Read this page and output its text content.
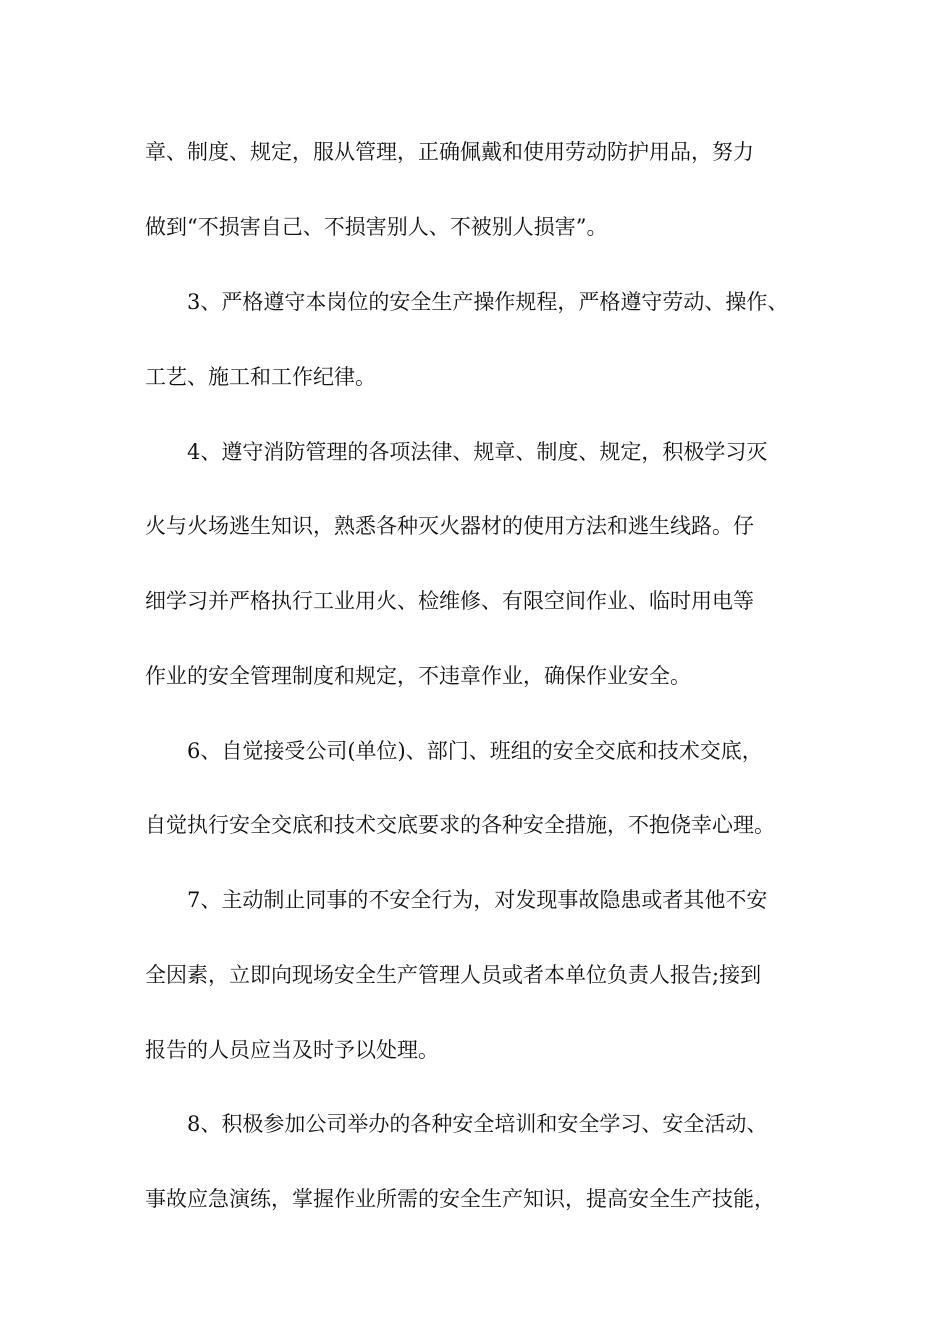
章、制度、规定，服从管理，正确佩戴和使用劳动防护用品，努力
做到“不损害自己、不损害别人、不被别人损害”。
3、严格遵守本岗位的安全生产操作规程，严格遵守劳动、操作、
工艺、施工和工作纪律。
4、遵守消防管理的各项法律、规章、制度、规定，积极学习灭
火与火场逃生知识，熟悉各种灭火器材的使用方法和逃生线路。仔
细学习并严格执行工业用火、检维修、有限空间作业、临时用电等
作业的安全管理制度和规定，不违章作业，确保作业安全。
6、自觉接受公司(单位)、部门、班组的安全交底和技术交底，
自觉执行安全交底和技术交底要求的各种安全措施，不抱侥幸心理。
7、主动制止同事的不安全行为，对发现事故隐患或者其他不安
全因素，立即向现场安全生产管理人员或者本单位负责人报告;接到
报告的人员应当及时予以处理。
8、积极参加公司举办的各种安全培训和安全学习、安全活动、
事故应急演练，掌握作业所需的安全生产知识，提高安全生产技能，
